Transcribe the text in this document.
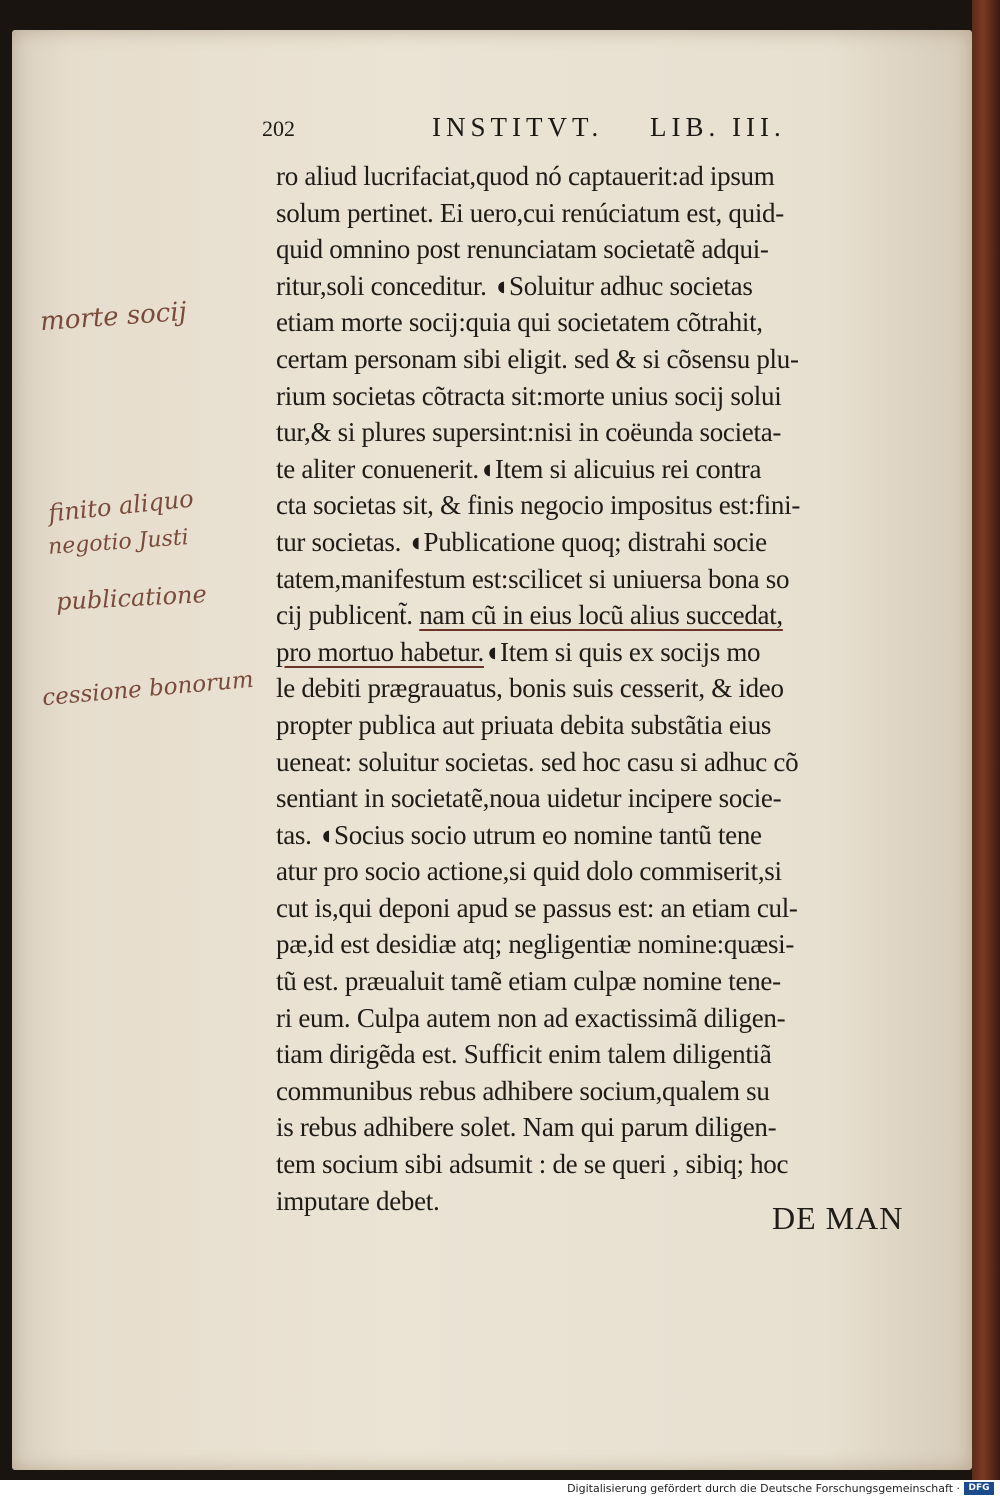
202	INSTITVT. LIB. III.
ro aliud lucrifaciat,quod nó captauerit:ad ipsum
solum pertinet. Ei uero,cui renúciatum est, quid-
quid omnino post renunciatam societatẽ adqui-
ritur,soli conceditur. ◖Soluitur adhuc societas
etiam morte socij:quia qui societatem cõtrahit,
certam personam sibi eligit. sed & si cõsensu plu-
rium societas cõtracta sit:morte unius socij solui
tur,& si plures supersint:nisi in coëunda societa-
te aliter conuenerit.◖Item si alicuius rei contra
cta societas sit, & finis negocio impositus est:fini-
tur societas. ◖Publicatione quoq; distrahi socie
tatem,manifestum est:scilicet si uniuersa bona so
cij publicent̃. nam cũ in eius locũ alius succedat,
pro mortuo habetur.◖Item si quis ex socijs mo
le debiti prægrauatus, bonis suis cesserit, & ideo
propter publica aut priuata debita substãtia eius
ueneat: soluitur societas. sed hoc casu si adhuc cõ
sentiant in societatẽ,noua uidetur incipere socie-
tas. ◖Socius socio utrum eo nomine tantũ tene
atur pro socio actione,si quid dolo commiserit,si
cut is,qui deponi apud se passus est: an etiam cul-
pæ,id est desidiæ atq; negligentiæ nomine:quæsi-
tũ est. præualuit tamẽ etiam culpæ nomine tene-
ri eum. Culpa autem non ad exactissimã diligen-
tiam dirigẽda est. Sufficit enim talem diligentiã
communibus rebus adhibere socium,qualem su
is rebus adhibere solet. Nam qui parum diligen-
tem socium sibi adsumit : de se queri , sibiq; hoc
imputare debet.	DE MAN
morte socij
finito aliquo
negotio Justi
publicatione
cessione bonorum
Digitalisierung gefördert durch die Deutsche Forschungsgemeinschaft · DFG
